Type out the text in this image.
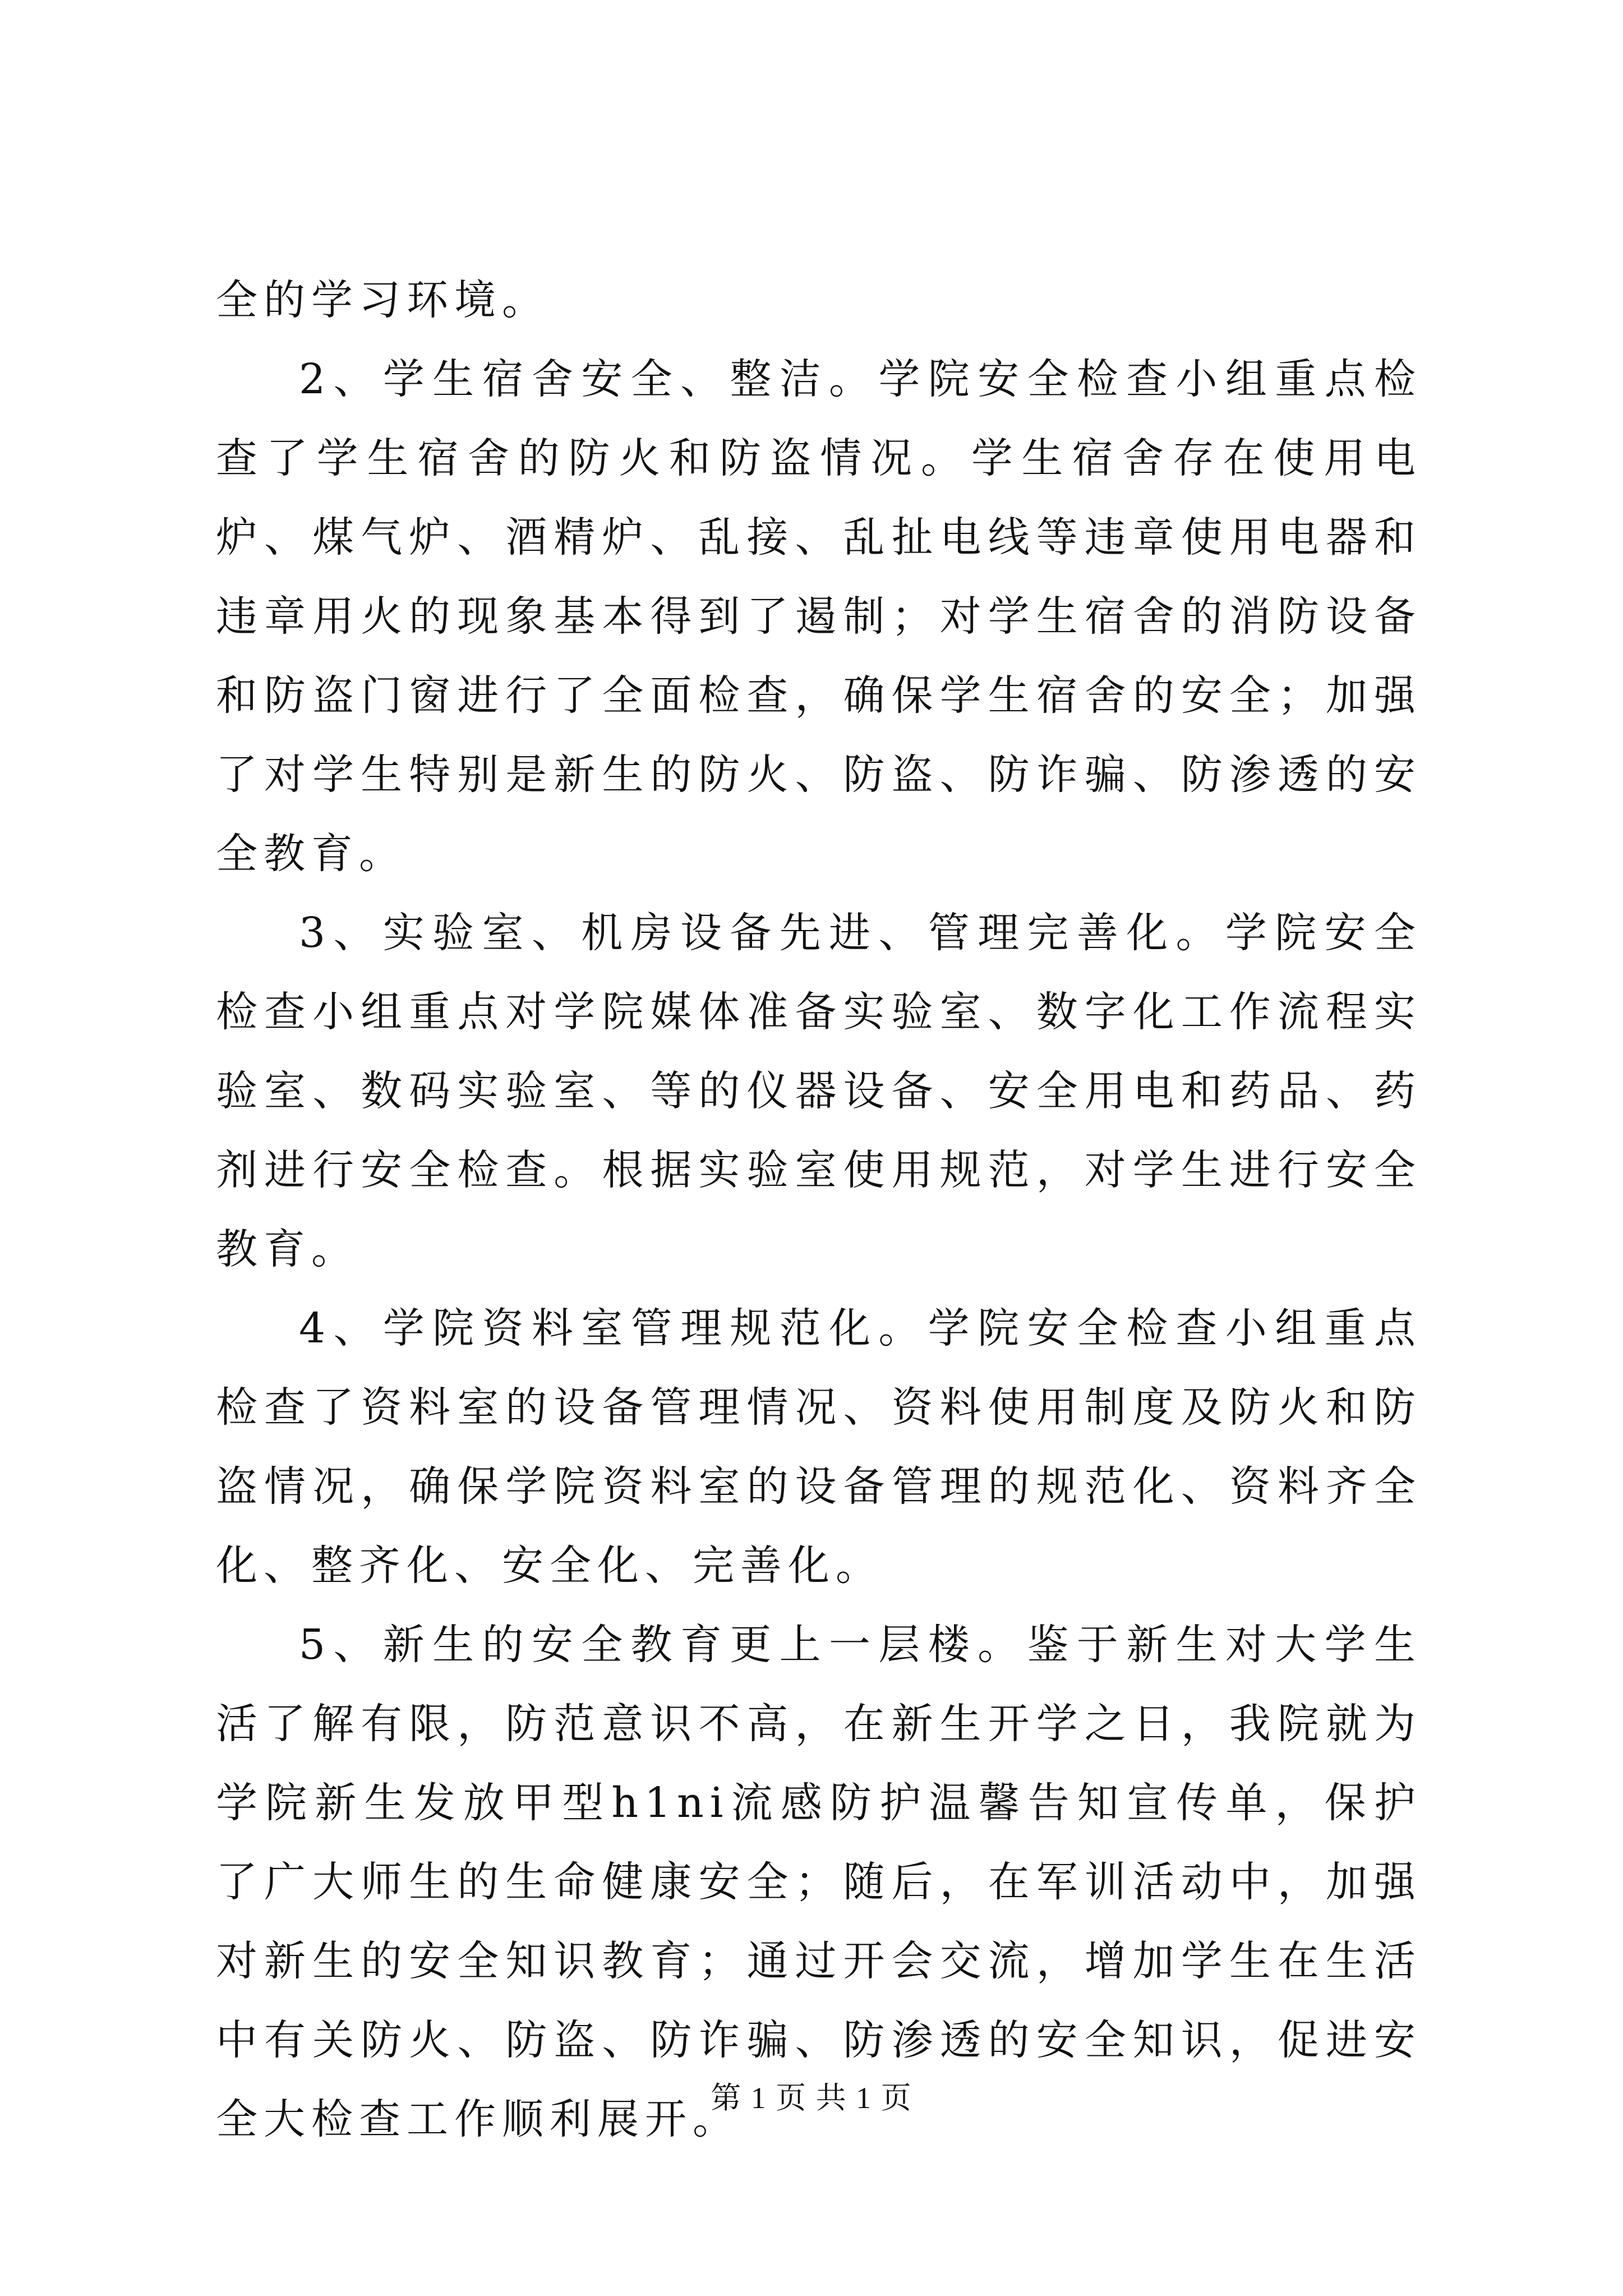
全的学习环境。

2、学生宿舍安全、整洁。学院安全检查小组重点检查了学生宿舍的防火和防盗情况。学生宿舍存在使用电炉、煤气炉、酒精炉、乱接、乱扯电线等违章使用电器和违章用火的现象基本得到了遏制；对学生宿舍的消防设备和防盗门窗进行了全面检查，确保学生宿舍的安全；加强了对学生特别是新生的防火、防盗、防诈骗、防渗透的安全教育。

3、实验室、机房设备先进、管理完善化。学院安全检查小组重点对学院媒体准备实验室、数字化工作流程实验室、数码实验室、等的仪器设备、安全用电和药品、药剂进行安全检查。根据实验室使用规范，对学生进行安全教育。

4、学院资料室管理规范化。学院安全检查小组重点检查了资料室的设备管理情况、资料使用制度及防火和防盗情况，确保学院资料室的设备管理的规范化、资料齐全化、整齐化、安全化、完善化。

5、新生的安全教育更上一层楼。鉴于新生对大学生活了解有限，防范意识不高，在新生开学之日，我院就为学院新生发放甲型h1ni流感防护温馨告知宣传单，保护了广大师生的生命健康安全；随后，在军训活动中，加强对新生的安全知识教育；通过开会交流，增加学生在生活中有关防火、防盗、防诈骗、防渗透的安全知识，促进安全大检查工作顺利展开。

第 1 页 共 1 页
